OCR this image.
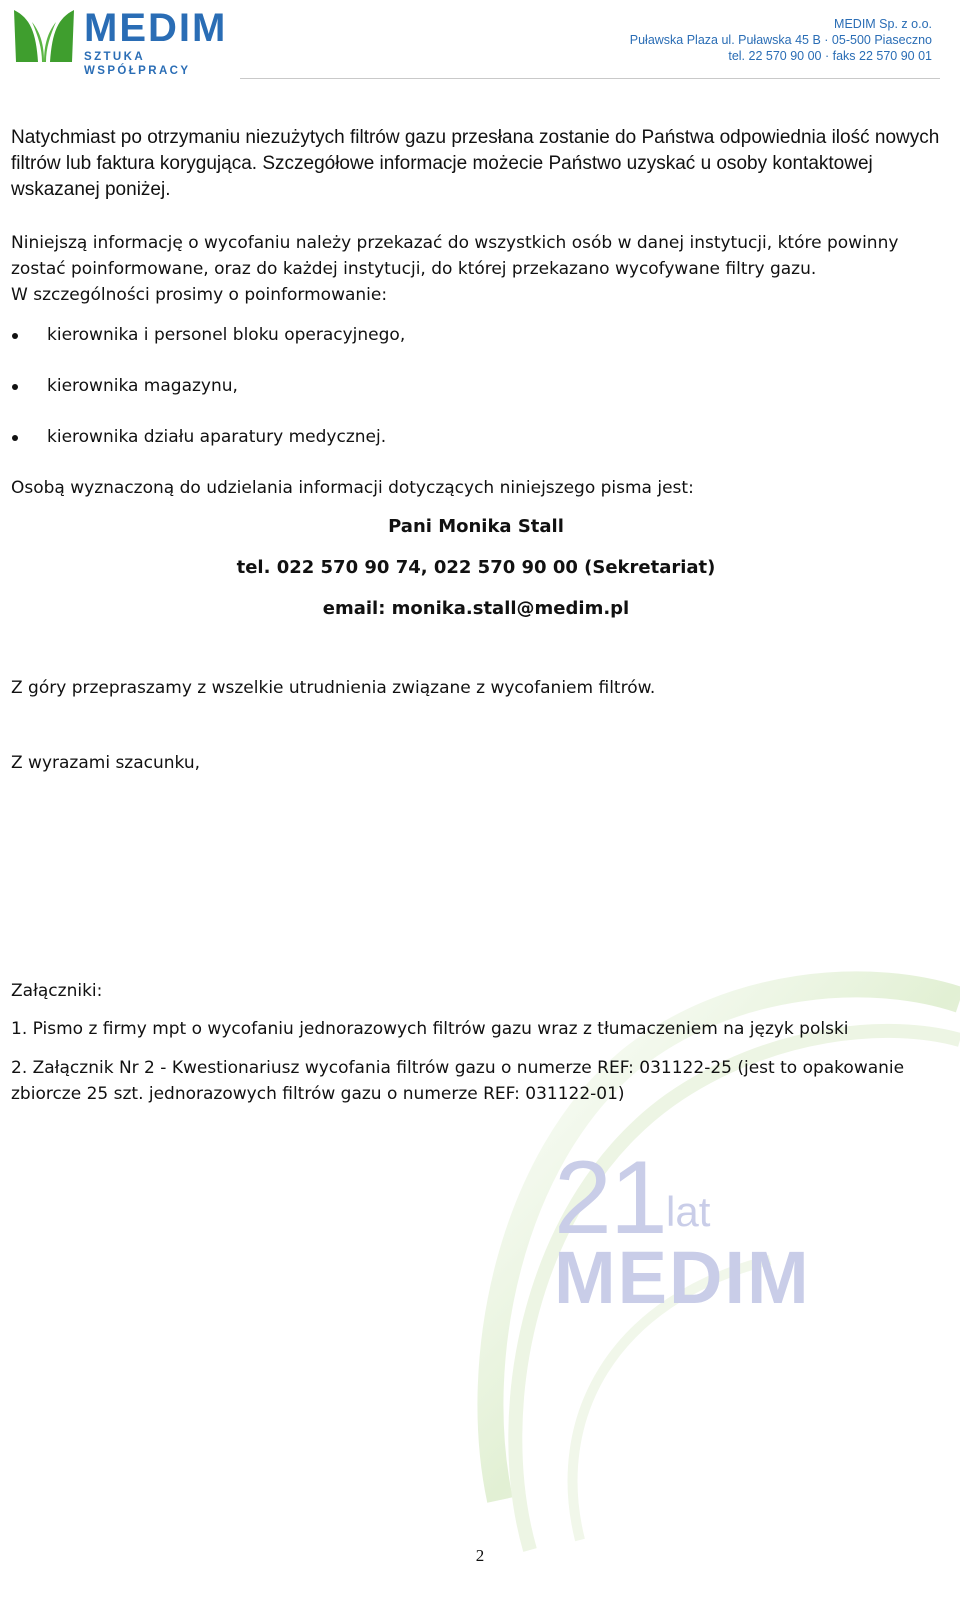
MEDIM
SZTUKA WSPÓŁPRACY
MEDIM Sp. z o.o.
Puławska Plaza ul. Puławska 45 B · 05-500 Piaseczno
tel. 22 570 90 00 · faks 22 570 90 01
21 lat
MEDIM

Natychmiast po otrzymaniu niezużytych filtrów gazu przesłana zostanie do Państwa odpowiednia ilość nowych filtrów lub faktura korygująca. Szczegółowe informacje możecie Państwo uzyskać u osoby kontaktowej wskazanej poniżej.

Niniejszą informację o wycofaniu należy przekazać do wszystkich osób w danej instytucji, które powinny zostać poinformowane, oraz do każdej instytucji, do której przekazano wycofywane filtry gazu.

W szczególności prosimy o poinformowanie:

kierownika i personel bloku operacyjnego,
kierownika magazynu,
kierownika działu aparatury medycznej.

Osobą wyznaczoną do udzielania informacji dotyczących niniejszego pisma jest:

Pani Monika Stall

tel. 022 570 90 74, 022 570 90 00 (Sekretariat)

email: monika.stall@medim.pl

Z góry przepraszamy z wszelkie utrudnienia związane z wycofaniem filtrów.

Z wyrazami szacunku,

Załączniki:

1. Pismo z firmy mpt o wycofaniu jednorazowych filtrów gazu wraz z tłumaczeniem na język polski

2. Załącznik Nr 2 - Kwestionariusz wycofania filtrów gazu o numerze REF: 031122-25 (jest to opakowanie zbiorcze 25 szt. jednorazowych filtrów gazu o numerze REF: 031122-01)

2
